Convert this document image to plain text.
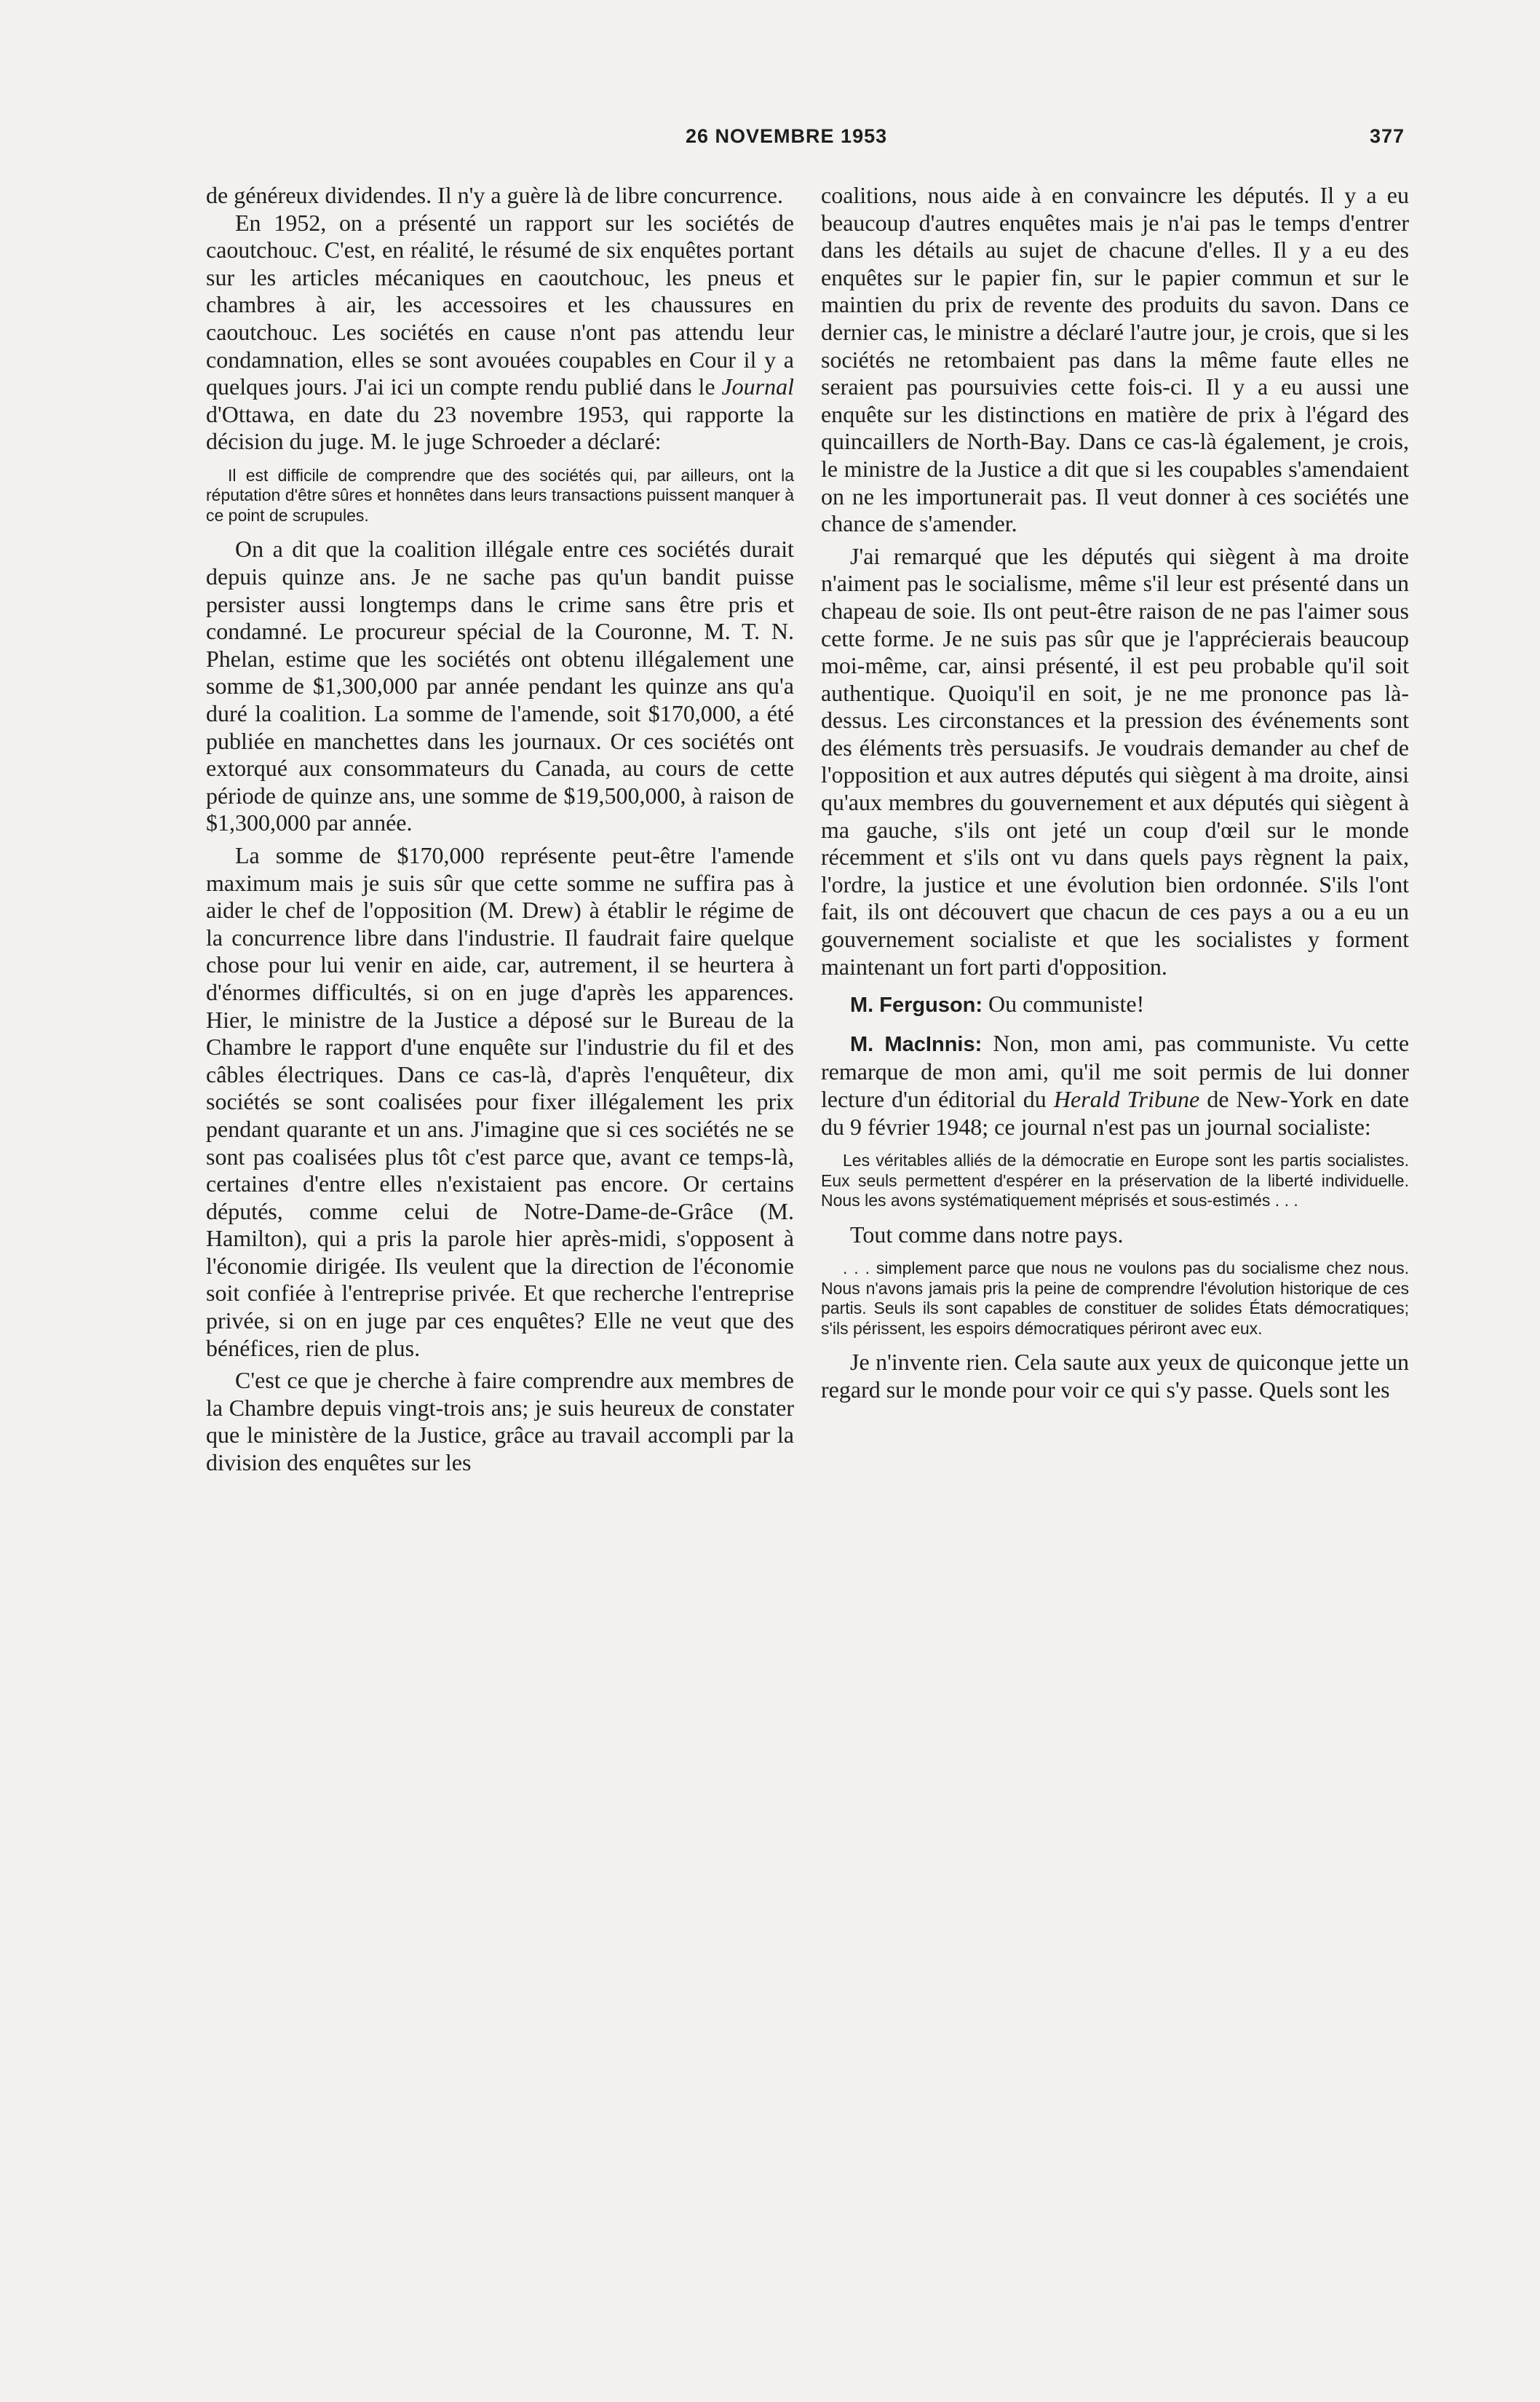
26 NOVEMBRE 1953	377

de généreux dividendes. Il n'y a guère là de libre concurrence.

En 1952, on a présenté un rapport sur les sociétés de caoutchouc. C'est, en réalité, le résumé de six enquêtes portant sur les articles mécaniques en caoutchouc, les pneus et chambres à air, les accessoires et les chaussures en caoutchouc. Les sociétés en cause n'ont pas attendu leur condamnation, elles se sont avouées coupables en Cour il y a quelques jours. J'ai ici un compte rendu publié dans le Journal d'Ottawa, en date du 23 novembre 1953, qui rapporte la décision du juge. M. le juge Schroeder a déclaré:

Il est difficile de comprendre que des sociétés qui, par ailleurs, ont la réputation d'être sûres et honnêtes dans leurs transactions puissent manquer à ce point de scrupules.

On a dit que la coalition illégale entre ces sociétés durait depuis quinze ans. Je ne sache pas qu'un bandit puisse persister aussi longtemps dans le crime sans être pris et condamné. Le procureur spécial de la Couronne, M. T. N. Phelan, estime que les sociétés ont obtenu illégalement une somme de $1,300,000 par année pendant les quinze ans qu'a duré la coalition. La somme de l'amende, soit $170,000, a été publiée en manchettes dans les journaux. Or ces sociétés ont extorqué aux consommateurs du Canada, au cours de cette période de quinze ans, une somme de $19,500,000, à raison de $1,300,000 par année.

La somme de $170,000 représente peut-être l'amende maximum mais je suis sûr que cette somme ne suffira pas à aider le chef de l'opposition (M. Drew) à établir le régime de la concurrence libre dans l'industrie. Il faudrait faire quelque chose pour lui venir en aide, car, autrement, il se heurtera à d'énormes difficultés, si on en juge d'après les apparences. Hier, le ministre de la Justice a déposé sur le Bureau de la Chambre le rapport d'une enquête sur l'industrie du fil et des câbles électriques. Dans ce cas-là, d'après l'enquêteur, dix sociétés se sont coalisées pour fixer illégalement les prix pendant quarante et un ans. J'imagine que si ces sociétés ne se sont pas coalisées plus tôt c'est parce que, avant ce temps-là, certaines d'entre elles n'existaient pas encore. Or certains députés, comme celui de Notre-Dame-de-Grâce (M. Hamilton), qui a pris la parole hier après-midi, s'opposent à l'économie dirigée. Ils veulent que la direction de l'économie soit confiée à l'entreprise privée. Et que recherche l'entreprise privée, si on en juge par ces enquêtes? Elle ne veut que des bénéfices, rien de plus.

C'est ce que je cherche à faire comprendre aux membres de la Chambre depuis vingt-trois ans; je suis heureux de constater que le ministère de la Justice, grâce au travail accompli par la division des enquêtes sur les

coalitions, nous aide à en convaincre les députés. Il y a eu beaucoup d'autres enquêtes mais je n'ai pas le temps d'entrer dans les détails au sujet de chacune d'elles. Il y a eu des enquêtes sur le papier fin, sur le papier commun et sur le maintien du prix de revente des produits du savon. Dans ce dernier cas, le ministre a déclaré l'autre jour, je crois, que si les sociétés ne retombaient pas dans la même faute elles ne seraient pas poursuivies cette fois-ci. Il y a eu aussi une enquête sur les distinctions en matière de prix à l'égard des quincaillers de North-Bay. Dans ce cas-là également, je crois, le ministre de la Justice a dit que si les coupables s'amendaient on ne les importunerait pas. Il veut donner à ces sociétés une chance de s'amender.

J'ai remarqué que les députés qui siègent à ma droite n'aiment pas le socialisme, même s'il leur est présenté dans un chapeau de soie. Ils ont peut-être raison de ne pas l'aimer sous cette forme. Je ne suis pas sûr que je l'apprécierais beaucoup moi-même, car, ainsi présenté, il est peu probable qu'il soit authentique. Quoiqu'il en soit, je ne me prononce pas là-dessus. Les circonstances et la pression des événements sont des éléments très persuasifs. Je voudrais demander au chef de l'opposition et aux autres députés qui siègent à ma droite, ainsi qu'aux membres du gouvernement et aux députés qui siègent à ma gauche, s'ils ont jeté un coup d'œil sur le monde récemment et s'ils ont vu dans quels pays règnent la paix, l'ordre, la justice et une évolution bien ordonnée. S'ils l'ont fait, ils ont découvert que chacun de ces pays a ou a eu un gouvernement socialiste et que les socialistes y forment maintenant un fort parti d'opposition.

M. Ferguson: Ou communiste!

M. MacInnis: Non, mon ami, pas communiste. Vu cette remarque de mon ami, qu'il me soit permis de lui donner lecture d'un éditorial du Herald Tribune de New-York en date du 9 février 1948; ce journal n'est pas un journal socialiste:

Les véritables alliés de la démocratie en Europe sont les partis socialistes. Eux seuls permettent d'espérer en la préservation de la liberté individuelle. Nous les avons systématiquement méprisés et sous-estimés . . .

Tout comme dans notre pays.

. . . simplement parce que nous ne voulons pas du socialisme chez nous. Nous n'avons jamais pris la peine de comprendre l'évolution historique de ces partis. Seuls ils sont capables de constituer de solides États démocratiques; s'ils périssent, les espoirs démocratiques périront avec eux.

Je n'invente rien. Cela saute aux yeux de quiconque jette un regard sur le monde pour voir ce qui s'y passe. Quels sont les
